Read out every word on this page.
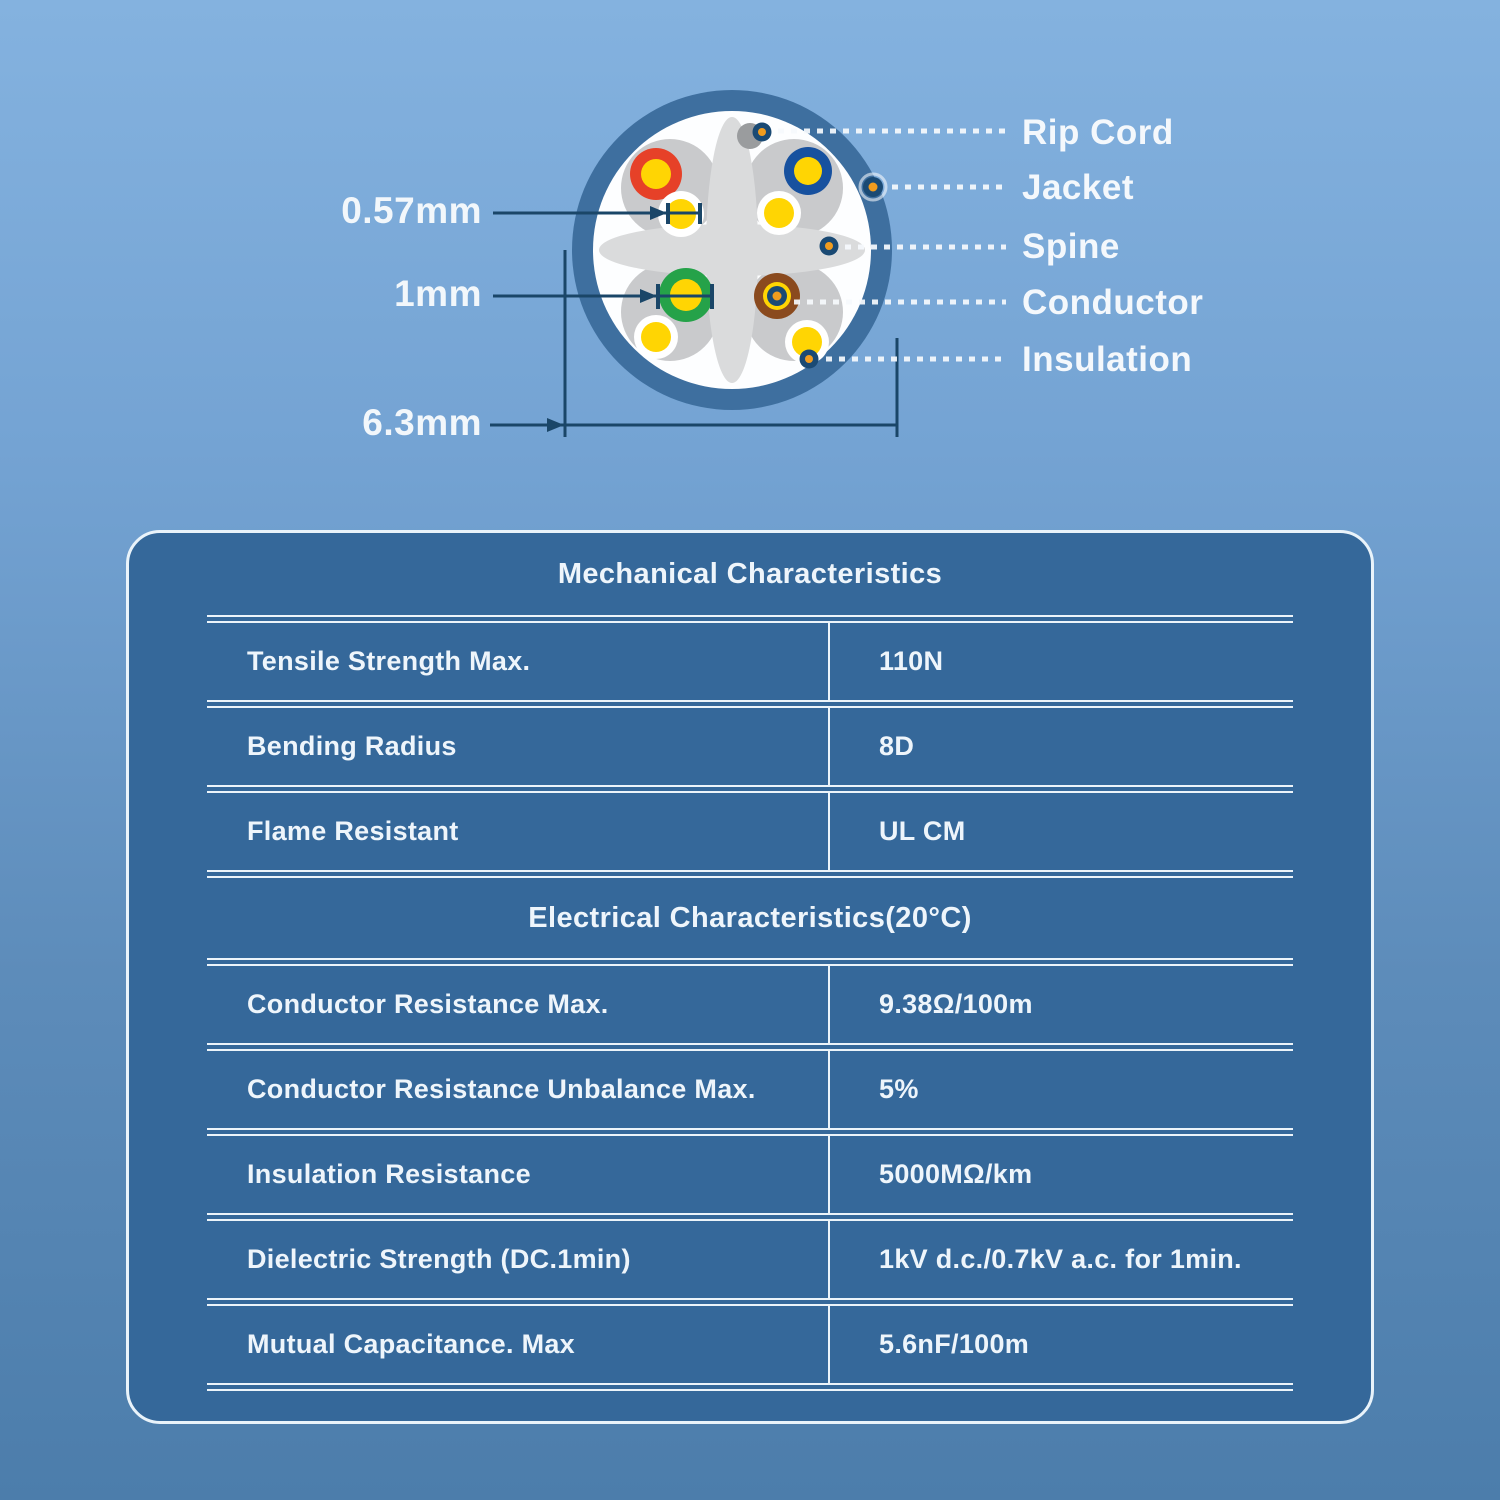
0.57mm
1mm
6.3mm
Rip Cord
Jacket
Spine
Conductor
Insulation
Mechanical Characteristics
Tensile Strength Max.	110N
Bending Radius	8D
Flame Resistant	UL CM
Electrical Characteristics(20°C)
Conductor Resistance Max.	9.38Ω/100m
Conductor Resistance Unbalance Max.	5%
Insulation Resistance	5000MΩ/km
Dielectric Strength (DC.1min)	1kV d.c./0.7kV a.c. for 1min.
Mutual Capacitance. Max	5.6nF/100m
